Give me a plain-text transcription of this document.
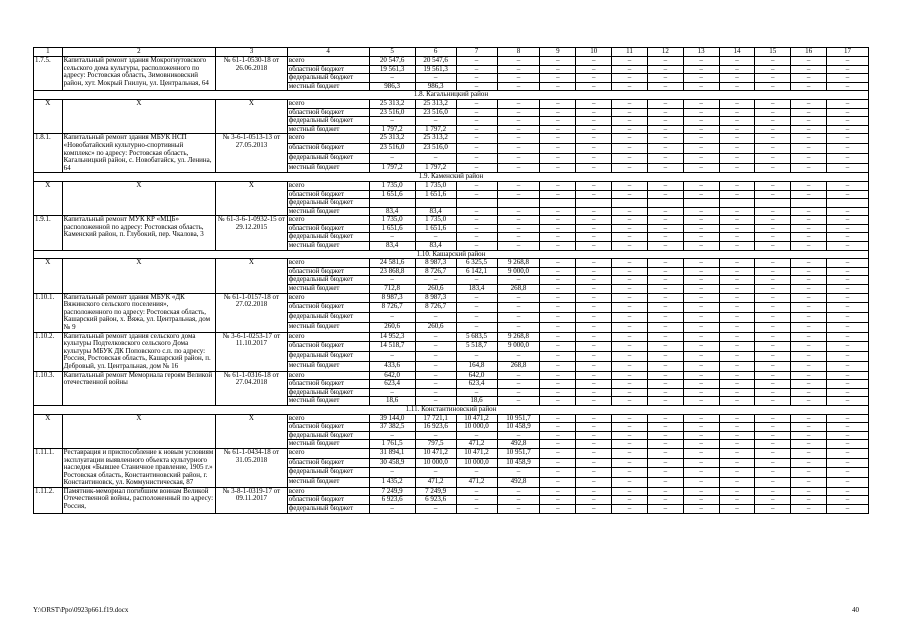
1	2	3	4	5	6	7	8	9	10	11	12	13	14	15	16	17
1.7.5.	Капитальный ремонт здания Мокрогнутовского сельского дома культуры, расположенного по адресу: Ростовская область, Зимовниковский район, хут. Мокрый Гнилун, ул. Центральная, 64	№ 61-1-0530-18 от 26.06.2018	всего	20 547,6	20 547,6	–	–	–	–	–	–	–	–	–	–	–
			областной бюджет	19 561,3	19 561,3	–	–	–	–	–	–	–	–	–	–	–
			федеральный бюджет	–	–	–	–	–	–	–	–	–	–	–	–	–
			местный бюджет	986,3	986,3	–	–	–	–	–	–	–	–	–	–	–
1.8. Кагальницкий район																
X	X	X	всего	25 313,2	25 313,2	–	–	–	–	–	–	–	–	–	–	–
			областной бюджет	23 516,0	23 516,0	–	–	–	–	–	–	–	–	–	–	–
			федеральный бюджет	–	–	–	–	–	–	–	–	–	–	–	–	–
			местный бюджет	1 797,2	1 797,2	–	–	–	–	–	–	–	–	–	–	–
1.8.1.	Капитальный ремонт здания МБУК НСП «Новобатайский культурно-спортивный комплекс» по адресу: Ростовская область, Кагальницкий район, с. Новобатайск, ул. Ленина, 64	№ 3-6-1-0513-13 от 27.05.2013	всего	25 313,2	25 313,2	–	–	–	–	–	–	–	–	–	–	–
			областной бюджет	23 516,0	23 516,0	–	–	–	–	–	–	–	–	–	–	–
			федеральный бюджет	–	–	–	–	–	–	–	–	–	–	–	–	–
			местный бюджет	1 797,2	1 797,2	–	–	–	–	–	–	–	–	–	–	–
1.9. Каменский район																
X	X	X	всего	1 735,0	1 735,0	–	–	–	–	–	–	–	–	–	–	–
			областной бюджет	1 651,6	1 651,6	–	–	–	–	–	–	–	–	–	–	–
			федеральный бюджет													
			местный бюджет	83,4	83,4	–	–	–	–	–	–	–	–	–	–	–
1.9.1.	Капитальный ремонт МУК КР «МЦБ» расположенной по адресу: Ростовская область, Каменский район, п. Глубокий, пер. Чкалова, 3	№ 61-3-6-1-0932-15 от 29.12.2015	всего	1 735,0	1 735,0	–	–	–	–	–	–	–	–	–	–	–
			областной бюджет	1 651,6	1 651,6	–	–	–	–	–	–	–	–	–	–	–
			федеральный бюджет	–	–	–	–	–	–	–	–	–	–	–	–	–
			местный бюджет	83,4	83,4	–	–	–	–	–	–	–	–	–	–	–
1.10. Кашарский район																
X	X	X	всего	24 581,6	8 987,3	6 325,5	9 268,8	–	–	–	–	–	–	–	–	–
			областной бюджет	23 868,8	8 726,7	6 142,1	9 000,0	–	–	–	–	–	–	–	–	–
			федеральный бюджет	–	–	–	–	–	–	–	–	–	–	–	–	–
			местный бюджет	712,8	260,6	183,4	268,8	–	–	–	–	–	–	–	–	–
1.10.1.	Капитальный ремонт здания МБУК «ДК Вяжинского сельского поселения», расположенного по адресу: Ростовская область, Кашарский район, х. Вяжа, ул. Центральная, дом № 9	№ 61-1-0157-18 от 27.02.2018	всего	8 987,3	8 987,3	–	–	–	–	–	–	–	–	–	–	–
			областной бюджет	8 726,7	8 726,7	–	–	–	–	–	–	–	–	–	–	–
			федеральный бюджет	–	–	–	–	–	–	–	–	–	–	–	–	–
			местный бюджет	260,6	260,6	–	–	–	–	–	–	–	–	–	–	–
1.10.2.	Капитальный ремонт здания сельского дома культуры Подтелковского сельского Дома культуры МБУК ДК Поповского с.п. по адресу: Россия, Ростовская область, Кашарский район, п. Дебровый, ул. Центральная, дом № 16	№ 3-6-1-0253-17 от 11.10.2017	всего	14 952,3	–	5 683,5	9 268,8	–	–	–	–	–	–	–	–	–
			областной бюджет	14 518,7	–	5 518,7	9 000,0	–	–	–	–	–	–	–	–	–
			федеральный бюджет	–	–	–	–	–	–	–	–	–	–	–	–	–
			местный бюджет	433,6	–	164,8	268,8	–	–	–	–	–	–	–	–	–
1.10.3.	Капитальный ремонт Мемориала героям Великой отечественной войны	№ 61-1-0316-18 от 27.04.2018	всего	642,0	–	642,0	–	–	–	–	–	–	–	–	–	–
			областной бюджет	623,4	–	623,4	–	–	–	–	–	–	–	–	–	–
			федеральный бюджет	–	–	–	–	–	–	–	–	–	–	–	–	–
			местный бюджет	18,6	–	18,6	–	–	–	–	–	–	–	–	–	–
1.11. Константиновский район																
X	X	X	всего	39 144,0	17 721,1	10 471,2	10 951,7	–	–	–	–	–	–	–	–	–
			областной бюджет	37 382,5	16 923,6	10 000,0	10 458,9	–	–	–	–	–	–	–	–	–
			федеральный бюджет	–	–	–	–	–	–	–	–	–	–	–	–	–
			местный бюджет	1 761,5	797,5	471,2	492,8	–	–	–	–	–	–	–	–	–
1.11.1.	Реставрация и приспособление к новым условиям эксплуатации выявленного объекта культурного наследия «Бывшее Станичное правление, 1905 г.» Ростовская область, Константиновский район, г. Константиновск, ул. Коммунистическая, 87	№ 61-1-0434-18 от 31.05.2018	всего	31 894,1	10 471,2	10 471,2	10 951,7	–	–	–	–	–	–	–	–	–
			областной бюджет	30 458,9	10 000,0	10 000,0	10 458,9	–	–	–	–	–	–	–	–	–
			федеральный бюджет	–	–	–	–	–	–	–	–	–	–	–	–	–
			местный бюджет	1 435,2	471,2	471,2	492,8	–	–	–	–	–	–	–	–	–
1.11.2.	Памятник-мемориал погибшим воинам Великой Отечественной войны, расположенный по адресу: Россия,	№ 3-8-1-0319-17 от 09.11.2017	всего	7 249,9	7 249,9	–	–	–	–	–	–	–	–	–	–	–
			областной бюджет	6 923,6	6 923,6	–	–	–	–	–	–	–	–	–	–	–
			федеральный бюджет	–	–	–	–	–	–	–	–	–	–	–	–	–
Y:\ORST\Ppo\0923p661.f19.docx	40
